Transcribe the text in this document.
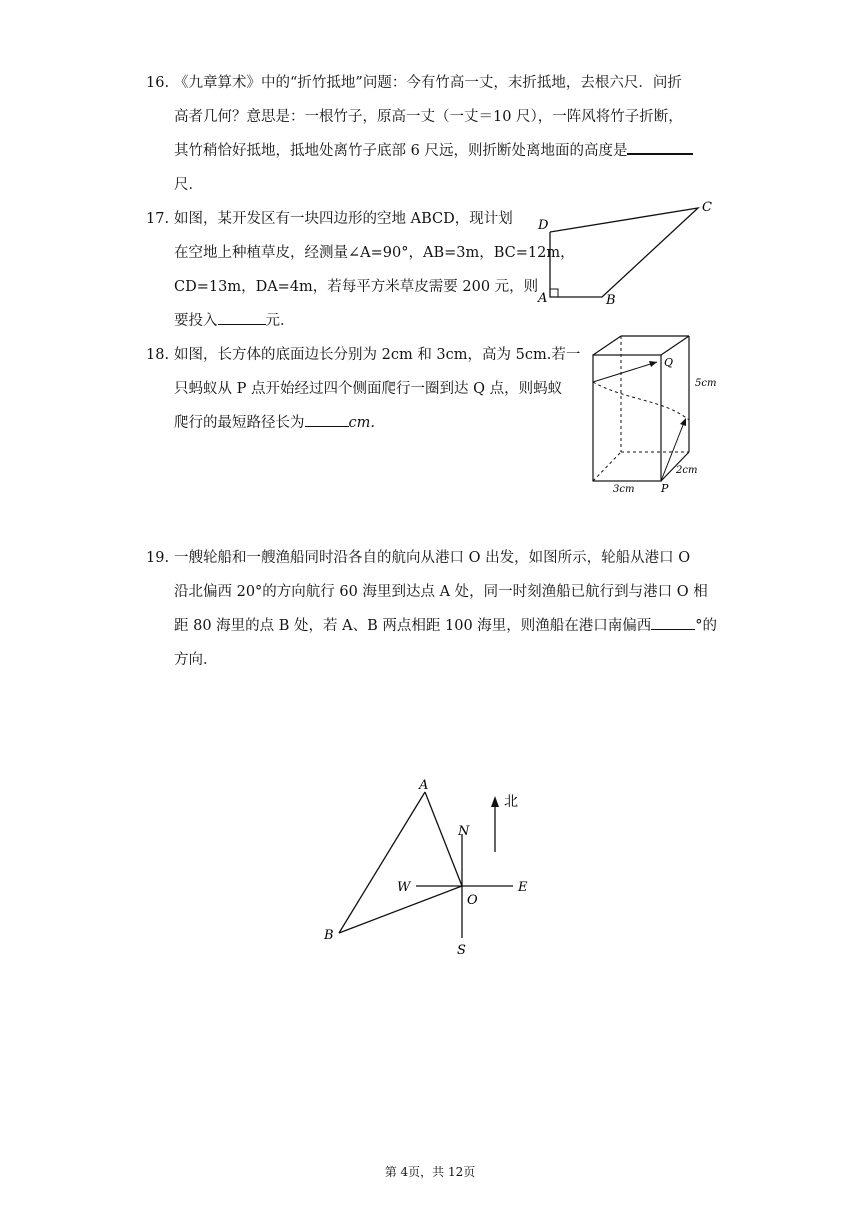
16. 《九章算术》中的“折竹抵地”问题：今有竹高一丈，末折抵地，去根六尺．问折
高者几何？意思是：一根竹子，原高一丈（一丈＝10 尺），一阵风将竹子折断，
其竹稍恰好抵地，抵地处离竹子底部 6 尺远，则折断处离地面的高度是
尺．
17. 如图，某开发区有一块四边形的空地 ABCD，现计划
在空地上种植草皮，经测量∠A=90°，AB=3m，BC=12m，
CD=13m，DA=4m，若每平方米草皮需要 200 元，则
要投入	元．
D
A	B
C
18. 如图，长方体的底面边长分别为 2cm 和 3cm，高为 5cm.若一
只蚂蚁从 P 点开始经过四个侧面爬行一圈到达 Q 点，则蚂蚁
爬行的最短路径长为	cm.
Q
5cm
2cm
3cm P
19. 一艘轮船和一艘渔船同时沿各自的航向从港口 O 出发，如图所示，轮船从港口 O
沿北偏西 20°的方向航行 60 海里到达点 A 处，同一时刻渔船已航行到与港口 O 相
距 80 海里的点 B 处，若 A、B 两点相距 100 海里，则渔船在港口南偏西	°的
方向．
A
B
O
N
S
W	E
北
第 4页，共 12页
